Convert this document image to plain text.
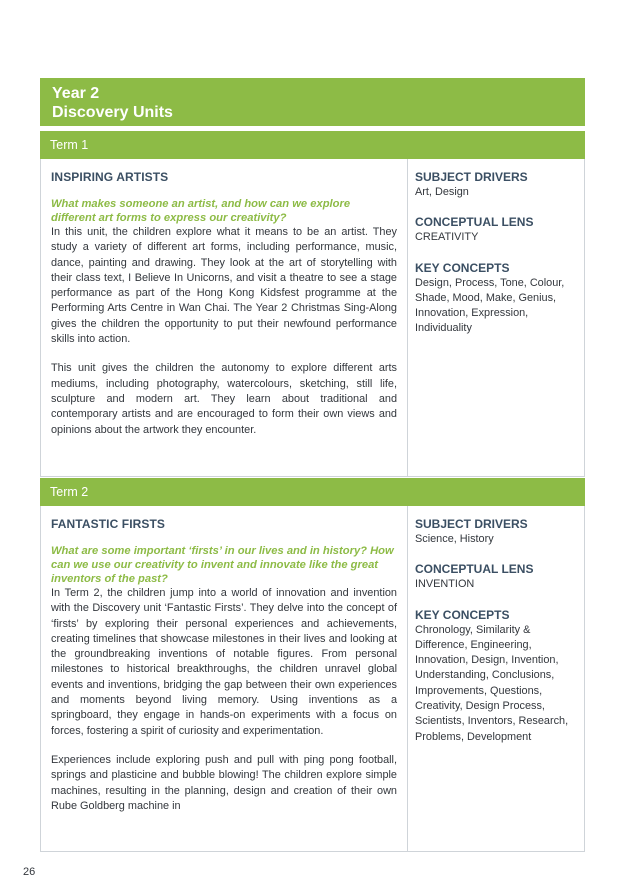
Year 2
Discovery Units
Term 1
INSPIRING ARTISTS
What makes someone an artist, and how can we explore different art forms to express our creativity?

In this unit, the children explore what it means to be an artist. They study a variety of different art forms, including performance, music, dance, painting and drawing. They look at the art of storytelling with their class text, I Believe In Unicorns, and visit a theatre to see a stage performance as part of the Hong Kong Kidsfest programme at the Performing Arts Centre in Wan Chai. The Year 2 Christmas Sing-Along gives the children the opportunity to put their newfound performance skills into action.

This unit gives the children the autonomy to explore different arts mediums, including photography, watercolours, sketching, still life, sculpture and modern art. They learn about traditional and contemporary artists and are encouraged to form their own views and opinions about the artwork they encounter.

SUBJECT DRIVERS
Art, Design
CONCEPTUAL LENS
CREATIVITY
KEY CONCEPTS
Design, Process, Tone, Colour, Shade, Mood, Make, Genius, Innovation, Expression, Individuality
Term 2
FANTASTIC FIRSTS
What are some important ‘firsts’ in our lives and in history? How can we use our creativity to invent and innovate like the great inventors of the past?

In Term 2, the children jump into a world of innovation and invention with the Discovery unit ‘Fantastic Firsts’. They delve into the concept of ‘firsts’ by exploring their personal experiences and achievements, creating timelines that showcase milestones in their lives and looking at the groundbreaking inventions of notable figures. From personal milestones to historical breakthroughs, the children unravel global events and inventions, bridging the gap between their own experiences and moments beyond living memory. Using inventions as a springboard, they engage in hands-on experiments with a focus on forces, fostering a spirit of curiosity and experimentation.

Experiences include exploring push and pull with ping pong football, springs and plasticine and bubble blowing! The children explore simple machines, resulting in the planning, design and creation of their own Rube Goldberg machine in

SUBJECT DRIVERS
Science, History
CONCEPTUAL LENS
INVENTION
KEY CONCEPTS
Chronology, Similarity & Difference, Engineering, Innovation, Design, Invention, Understanding, Conclusions, Improvements, Questions, Creativity, Design Process, Scientists, Inventors, Research, Problems, Development
26
